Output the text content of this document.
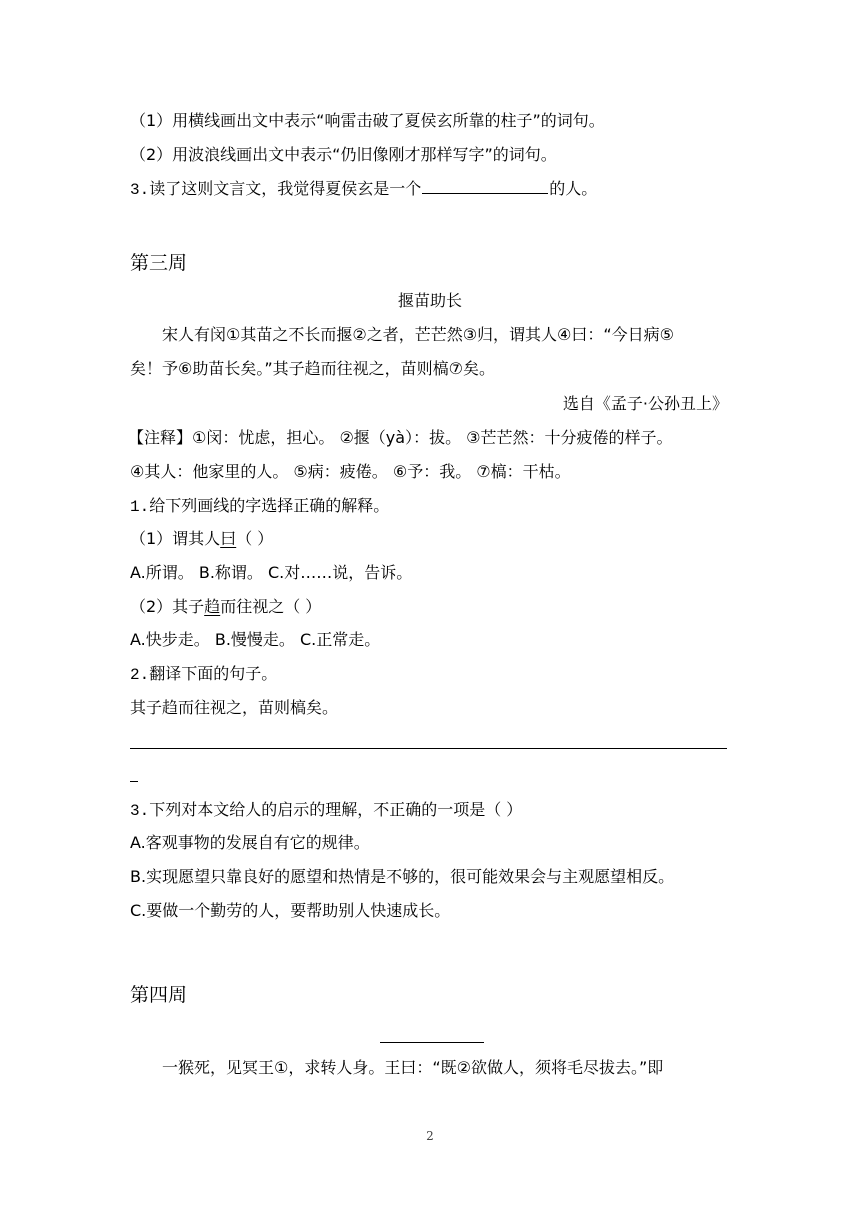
（1）用横线画出文中表示“响雷击破了夏侯玄所靠的柱子”的词句。
（2）用波浪线画出文中表示“仍旧像刚才那样写字”的词句。
3.读了这则文言文，我觉得夏侯玄是一个	的人。
第三周
揠苗助长
宋人有闵①其苗之不长而揠②之者，芒芒然③归，谓其人④曰：“今日病⑤
矣！予⑥助苗长矣。”其子趋而往视之，苗则槁⑦矣。
选自《孟子·公孙丑上》
【注释】①闵：忧虑，担心。 ②揠（yà）：拔。 ③芒芒然：十分疲倦的样子。
④其人：他家里的人。 ⑤病：疲倦。 ⑥予：我。 ⑦槁：干枯。
1.给下列画线的字选择正确的解释。
（1）谓其人曰（ ）
A.所谓。 B.称谓。 C.对……说，告诉。
（2）其子趋而往视之（ ）
A.快步走。 B.慢慢走。 C.正常走。
2.翻译下面的句子。
其子趋而往视之，苗则槁矣。
3.下列对本文给人的启示的理解，不正确的一项是（ ）
A.客观事物的发展自有它的规律。
B.实现愿望只靠良好的愿望和热情是不够的，很可能效果会与主观愿望相反。
C.要做一个勤劳的人，要帮助别人快速成长。
第四周
一猴死，见冥王①，求转人身。王曰：“既②欲做人，须将毛尽拔去。”即
2
